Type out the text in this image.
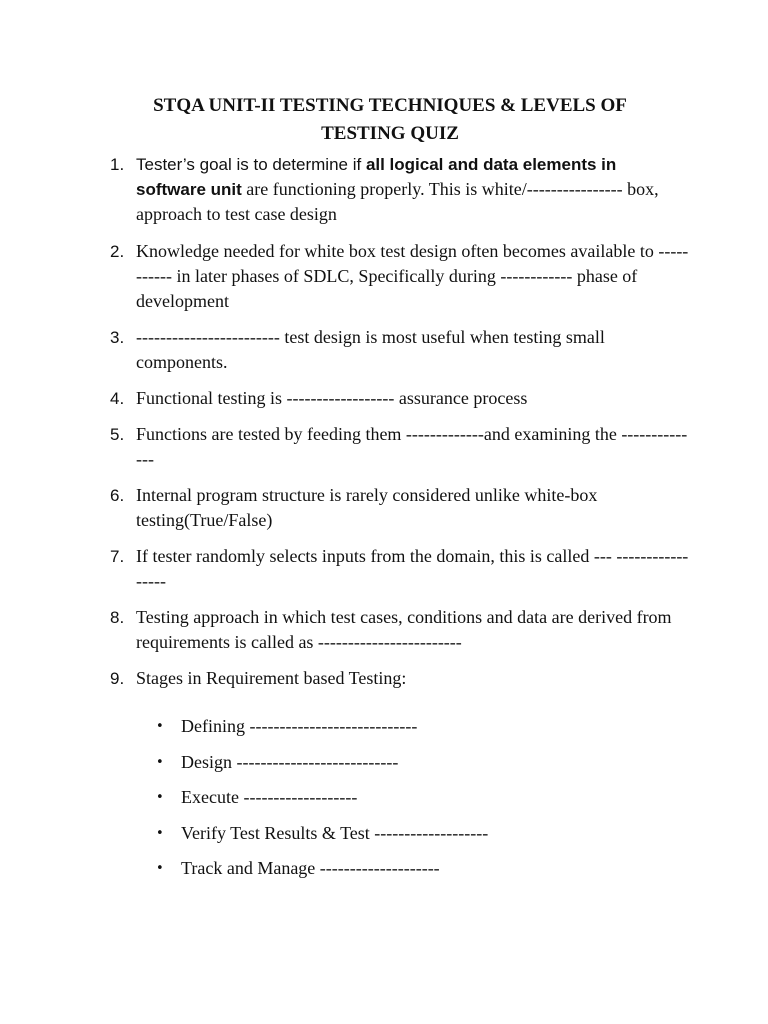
STQA UNIT-II TESTING TECHNIQUES & LEVELS OF
TESTING QUIZ
1. Tester’s goal is to determine if all logical and data elements in software unit are functioning properly. This is white/---------------- box, approach to test case design
2. Knowledge needed for white box test design often becomes available to ----------- in later phases of SDLC, Specifically during ------------ phase of development
3. ------------------------ test design is most useful when testing small components.
4. Functional testing is ------------------ assurance process
5. Functions are tested by feeding them -------------and examining the --------------
6. Internal program structure is rarely considered unlike white-box testing(True/False)
7. If tester randomly selects inputs from the domain, this is called --- -----------------
8. Testing approach in which test cases, conditions and data are derived from requirements is called as ------------------------
9. Stages in Requirement based Testing:
• Defining ----------------------------
• Design ---------------------------
• Execute -------------------
• Verify Test Results & Test -------------------
• Track and Manage --------------------
